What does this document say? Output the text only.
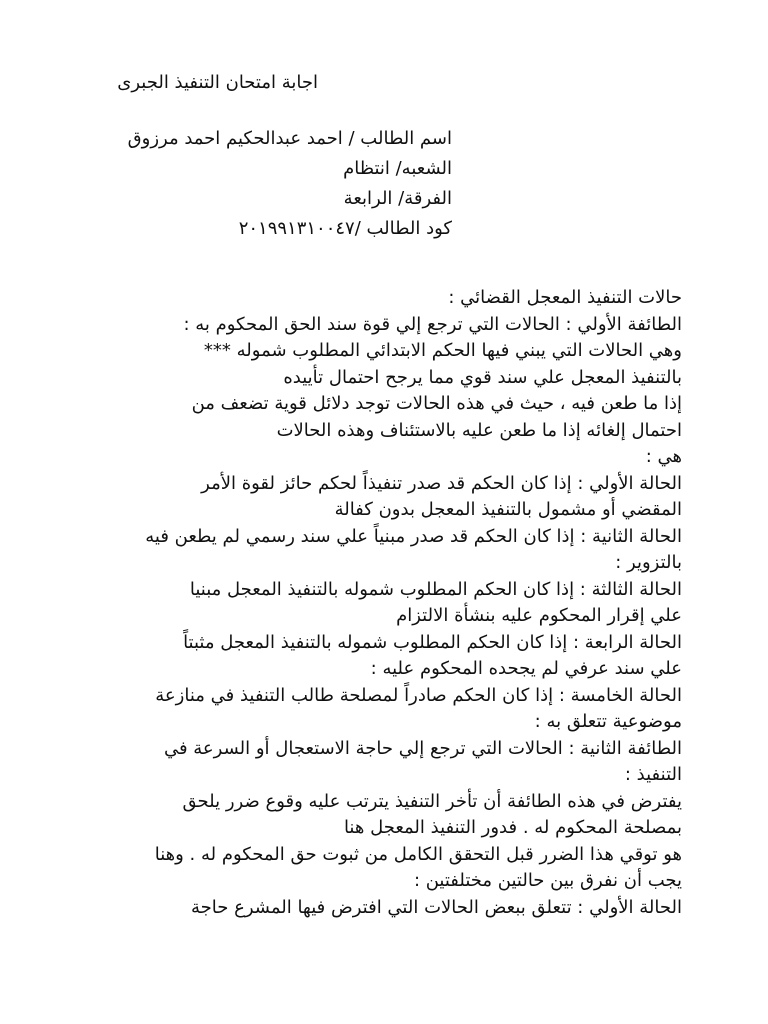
اجابة امتحان التنفيذ الجبرى
اسم الطالب / احمد عبدالحكيم احمد مرزوق
الشعبه/ انتظام
الفرقة/ الرابعة
كود الطالب /٢٠١٩٩١٣١٠٠٤٧
حالات التنفيذ المعجل القضائي :
الطائفة الأولي : الحالات التي ترجع إلي قوة سند الحق المحكوم به :
وهي الحالات التي يبني فيها الحكم الابتدائي المطلوب شموله ***
بالتنفيذ المعجل علي سند قوي مما يرجح احتمال تأييده
إذا ما طعن فيه ، حيث في هذه الحالات توجد دلائل قوية تضعف من
احتمال إلغائه إذا ما طعن عليه بالاستئناف وهذه الحالات
هي :
الحالة الأولي : إذا كان الحكم قد صدر تنفيذاً لحكم حائز لقوة الأمر
المقضي أو مشمول بالتنفيذ المعجل بدون كفالة
الحالة الثانية : إذا كان الحكم قد صدر مبنياً علي سند رسمي لم يطعن فيه
بالتزوير :
الحالة الثالثة : إذا كان الحكم المطلوب شموله بالتنفيذ المعجل مبنيا
علي إقرار المحكوم عليه بنشأة الالتزام
الحالة الرابعة : إذا كان الحكم المطلوب شموله بالتنفيذ المعجل مثبتاً
علي سند عرفي لم يجحده المحكوم عليه :
الحالة الخامسة : إذا كان الحكم صادراً لمصلحة طالب التنفيذ في منازعة
موضوعية تتعلق به :
الطائفة الثانية : الحالات التي ترجع إلي حاجة الاستعجال أو السرعة في
التنفيذ :
يفترض في هذه الطائفة أن تأخر التنفيذ يترتب عليه وقوع ضرر يلحق
بمصلحة المحكوم له . فدور التنفيذ المعجل هنا
هو توقي هذا الضرر قبل التحقق الكامل من ثبوت حق المحكوم له . وهنا
يجب أن نفرق بين حالتين مختلفتين :
الحالة الأولي : تتعلق ببعض الحالات التي افترض فيها المشرع حاجة
